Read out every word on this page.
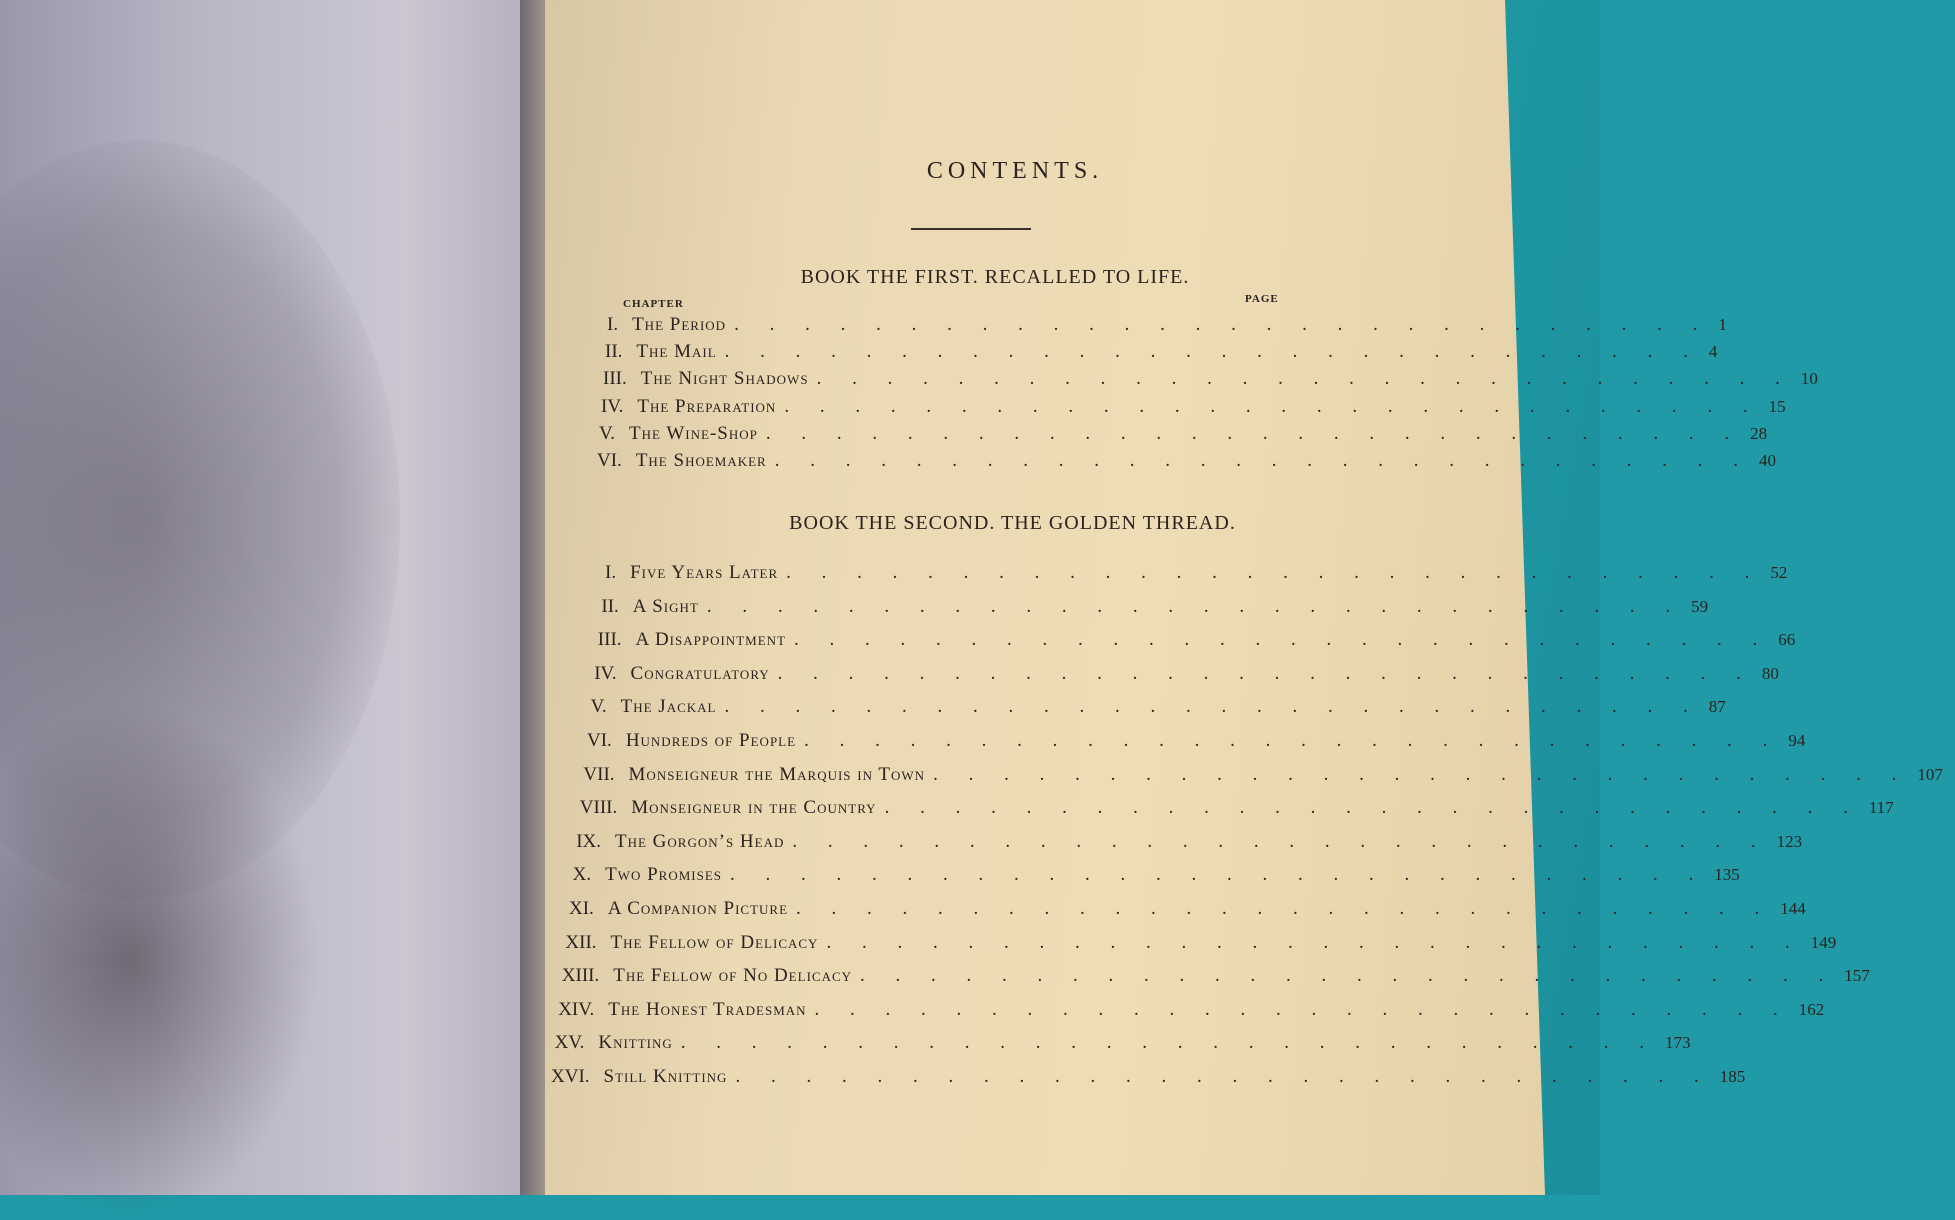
CONTENTS.
BOOK THE FIRST. RECALLED TO LIFE.
CHAPTER	PAGE
I. The Period . . . . . . . . . . . . . . . . . . . . . . . . . . . . 1
II. The Mail . . . . . . . . . . . . . . . . . . . . . . . . . . . . 4
III. The Night Shadows . . . . . . . . . . . . . . . . . . . . . . . . . . . . 10
IV. The Preparation . . . . . . . . . . . . . . . . . . . . . . . . . . . . 15
V. The Wine-Shop . . . . . . . . . . . . . . . . . . . . . . . . . . . . 28
VI. The Shoemaker . . . . . . . . . . . . . . . . . . . . . . . . . . . . 40
BOOK THE SECOND. THE GOLDEN THREAD.
I. Five Years Later . . . . . . . . . . . . . . . . . . . . . . . . . . . . 52
II. A Sight . . . . . . . . . . . . . . . . . . . . . . . . . . . . 59
III. A Disappointment . . . . . . . . . . . . . . . . . . . . . . . . . . . . 66
IV. Congratulatory . . . . . . . . . . . . . . . . . . . . . . . . . . . . 80
V. The Jackal . . . . . . . . . . . . . . . . . . . . . . . . . . . . 87
VI. Hundreds of People . . . . . . . . . . . . . . . . . . . . . . . . . . . . 94
VII. Monseigneur the Marquis in Town . . . . . . . . . . . . . . . . . . . . . . . . . . . . 107
VIII. Monseigneur in the Country . . . . . . . . . . . . . . . . . . . . . . . . . . . . 117
IX. The Gorgon’s Head . . . . . . . . . . . . . . . . . . . . . . . . . . . . 123
X. Two Promises . . . . . . . . . . . . . . . . . . . . . . . . . . . . 135
XI. A Companion Picture . . . . . . . . . . . . . . . . . . . . . . . . . . . . 144
XII. The Fellow of Delicacy . . . . . . . . . . . . . . . . . . . . . . . . . . . . 149
XIII. The Fellow of No Delicacy . . . . . . . . . . . . . . . . . . . . . . . . . . . . 157
XIV. The Honest Tradesman . . . . . . . . . . . . . . . . . . . . . . . . . . . . 162
XV. Knitting . . . . . . . . . . . . . . . . . . . . . . . . . . . . 173
XVI. Still Knitting . . . . . . . . . . . . . . . . . . . . . . . . . . . . 185
